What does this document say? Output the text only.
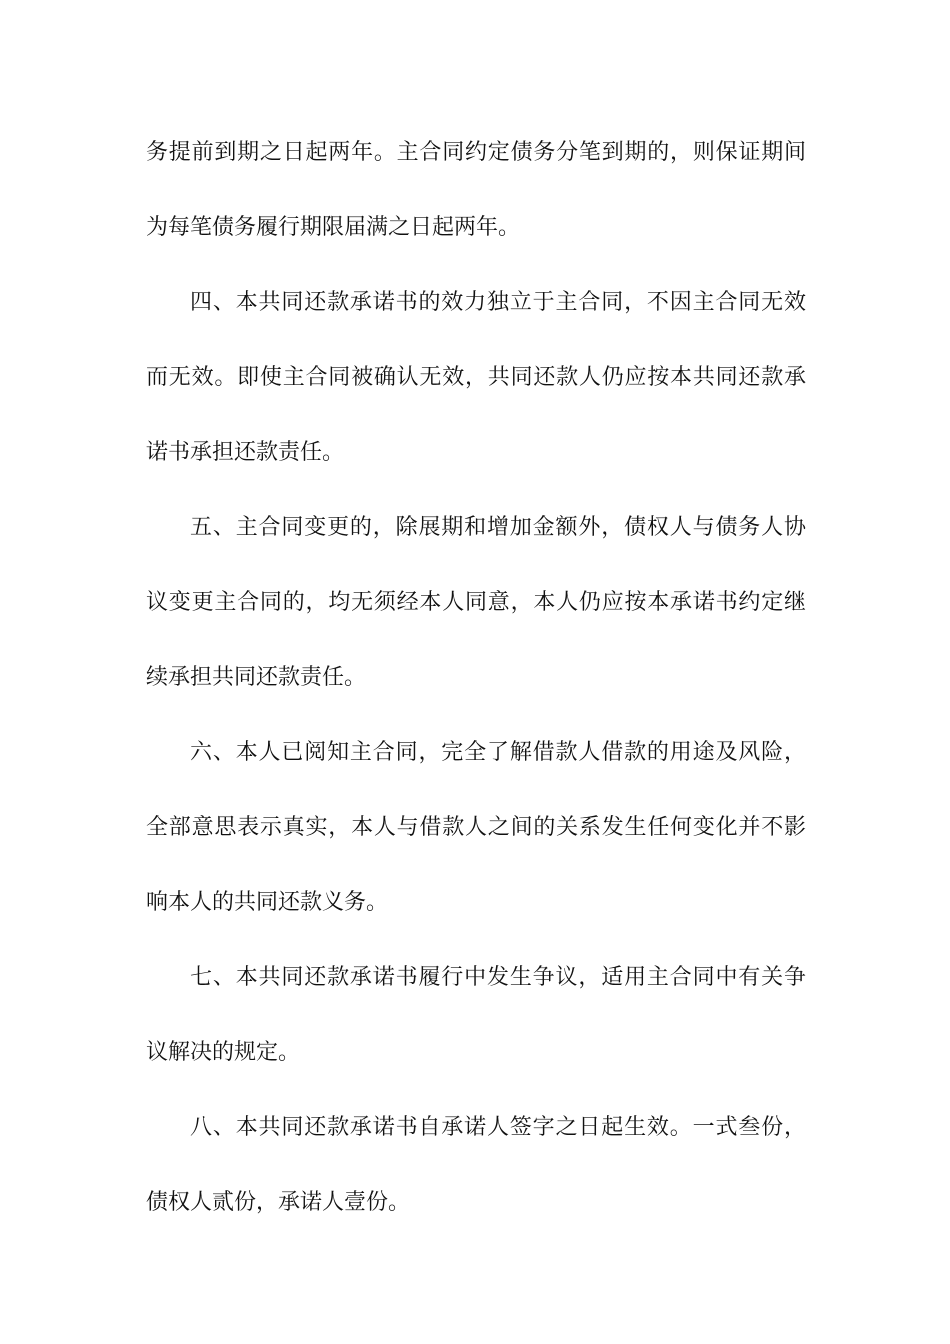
务提前到期之日起两年。主合同约定债务分笔到期的，则保证期间
为每笔债务履行期限届满之日起两年。
四、本共同还款承诺书的效力独立于主合同，不因主合同无效
而无效。即使主合同被确认无效，共同还款人仍应按本共同还款承
诺书承担还款责任。
五、主合同变更的，除展期和增加金额外，债权人与债务人协
议变更主合同的，均无须经本人同意，本人仍应按本承诺书约定继
续承担共同还款责任。
六、本人已阅知主合同，完全了解借款人借款的用途及风险，
全部意思表示真实，本人与借款人之间的关系发生任何变化并不影
响本人的共同还款义务。
七、本共同还款承诺书履行中发生争议，适用主合同中有关争
议解决的规定。
八、本共同还款承诺书自承诺人签字之日起生效。一式叁份，
债权人贰份，承诺人壹份。
